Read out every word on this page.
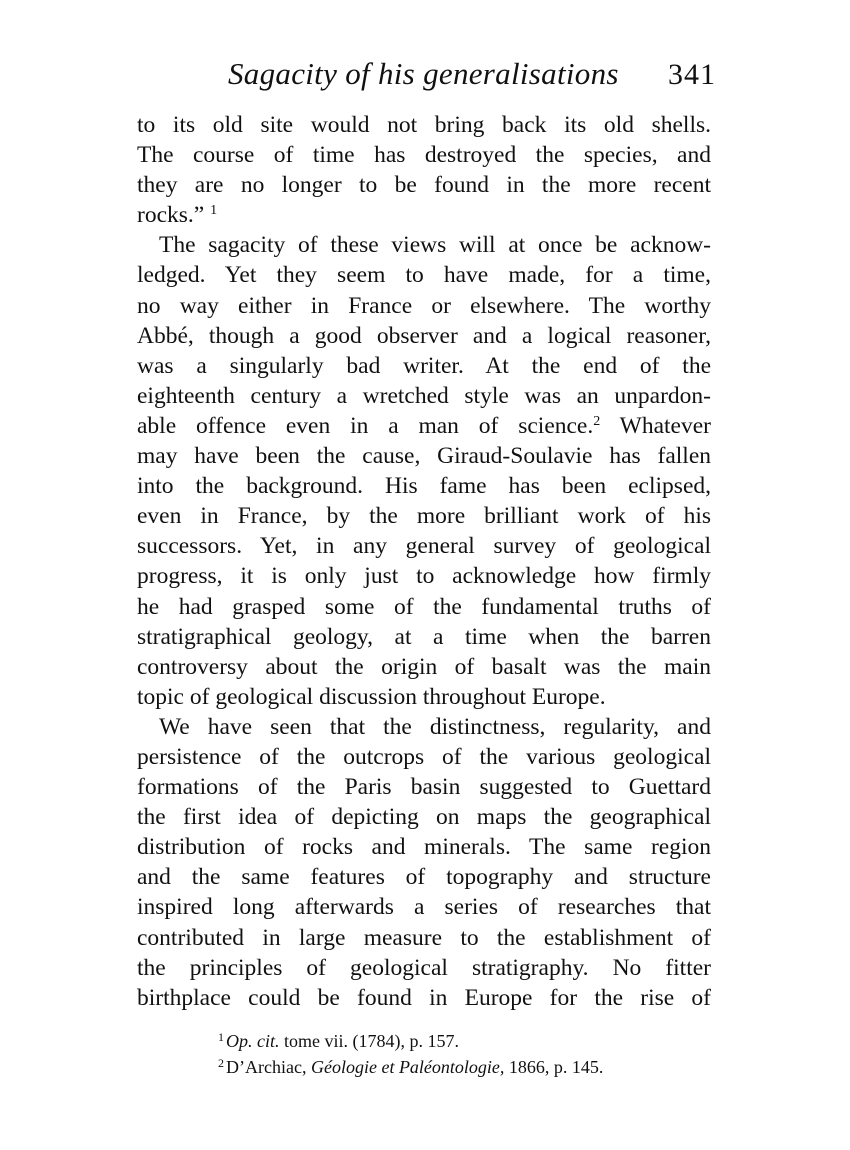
Sagacity of his generalisations 341
to its old site would not bring back its old shells.
The course of time has destroyed the species, and
they are no longer to be found in the more recent
rocks.” $^1$
The sagacity of these views will at once be acknow-
ledged. Yet they seem to have made, for a time,
no way either in France or elsewhere. The worthy
Abbé, though a good observer and a logical reasoner,
was a singularly bad writer. At the end of the
eighteenth century a wretched style was an unpardon-
able offence even in a man of science.$^2$ Whatever
may have been the cause, Giraud-Soulavie has fallen
into the background. His fame has been eclipsed,
even in France, by the more brilliant work of his
successors. Yet, in any general survey of geological
progress, it is only just to acknowledge how firmly
he had grasped some of the fundamental truths of
stratigraphical geology, at a time when the barren
controversy about the origin of basalt was the main
topic of geological discussion throughout Europe.
We have seen that the distinctness, regularity, and
persistence of the outcrops of the various geological
formations of the Paris basin suggested to Guettard
the first idea of depicting on maps the geographical
distribution of rocks and minerals. The same region
and the same features of topography and structure
inspired long afterwards a series of researches that
contributed in large measure to the establishment of
the principles of geological stratigraphy. No fitter
birthplace could be found in Europe for the rise of
$^1$ Op. cit. tome vii. (1784), p. 157.
$^2$ D’Archiac, Géologie et Paléontologie, 1866, p. 145.
